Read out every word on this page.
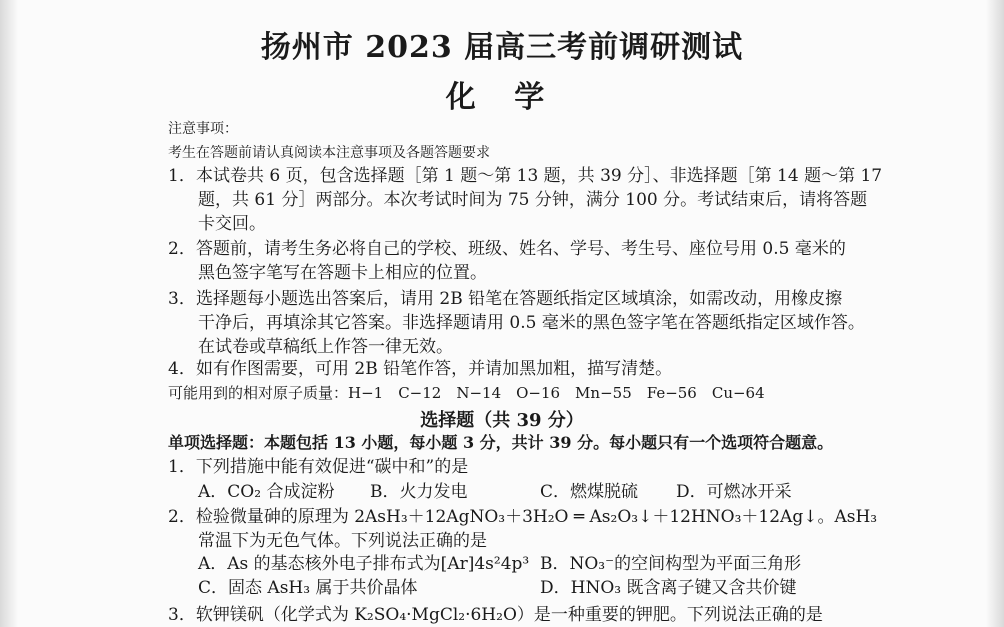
扬州市 2023 届高三考前调研测试
化 学
注意事项：
考生在答题前请认真阅读本注意事项及各题答题要求
1．本试卷共 6 页，包含选择题［第 1 题～第 13 题，共 39 分］、非选择题［第 14 题～第 17
题，共 61 分］两部分。本次考试时间为 75 分钟，满分 100 分。考试结束后，请将答题
卡交回。
2．答题前，请考生务必将自己的学校、班级、姓名、学号、考生号、座位号用 0.5 毫米的
黑色签字笔写在答题卡上相应的位置。
3．选择题每小题选出答案后，请用 2B 铅笔在答题纸指定区域填涂，如需改动，用橡皮擦
干净后，再填涂其它答案。非选择题请用 0.5 毫米的黑色签字笔在答题纸指定区域作答。
在试卷或草稿纸上作答一律无效。
4．如有作图需要，可用 2B 铅笔作答，并请加黑加粗，描写清楚。
可能用到的相对原子质量：H−1　C−12　N−14　O−16　Mn−55　Fe−56　Cu−64
选择题（共 39 分）
单项选择题：本题包括 13 小题，每小题 3 分，共计 39 分。每小题只有一个选项符合题意。
1．下列措施中能有效促进“碳中和”的是
A．CO₂ 合成淀粉 B．火力发电	C．燃煤脱硫 D．可燃冰开采
2．检验微量砷的原理为 2AsH₃＋12AgNO₃＋3H₂O ═ As₂O₃↓＋12HNO₃＋12Ag↓。AsH₃
常温下为无色气体。下列说法正确的是
A．As 的基态核外电子排布式为[Ar]4s²4p³ B．NO₃⁻的空间构型为平面三角形
C．固态 AsH₃ 属于共价晶体	D．HNO₃ 既含离子键又含共价键
3．软钾镁矾（化学式为 K₂SO₄·MgCl₂·6H₂O）是一种重要的钾肥。下列说法正确的是
